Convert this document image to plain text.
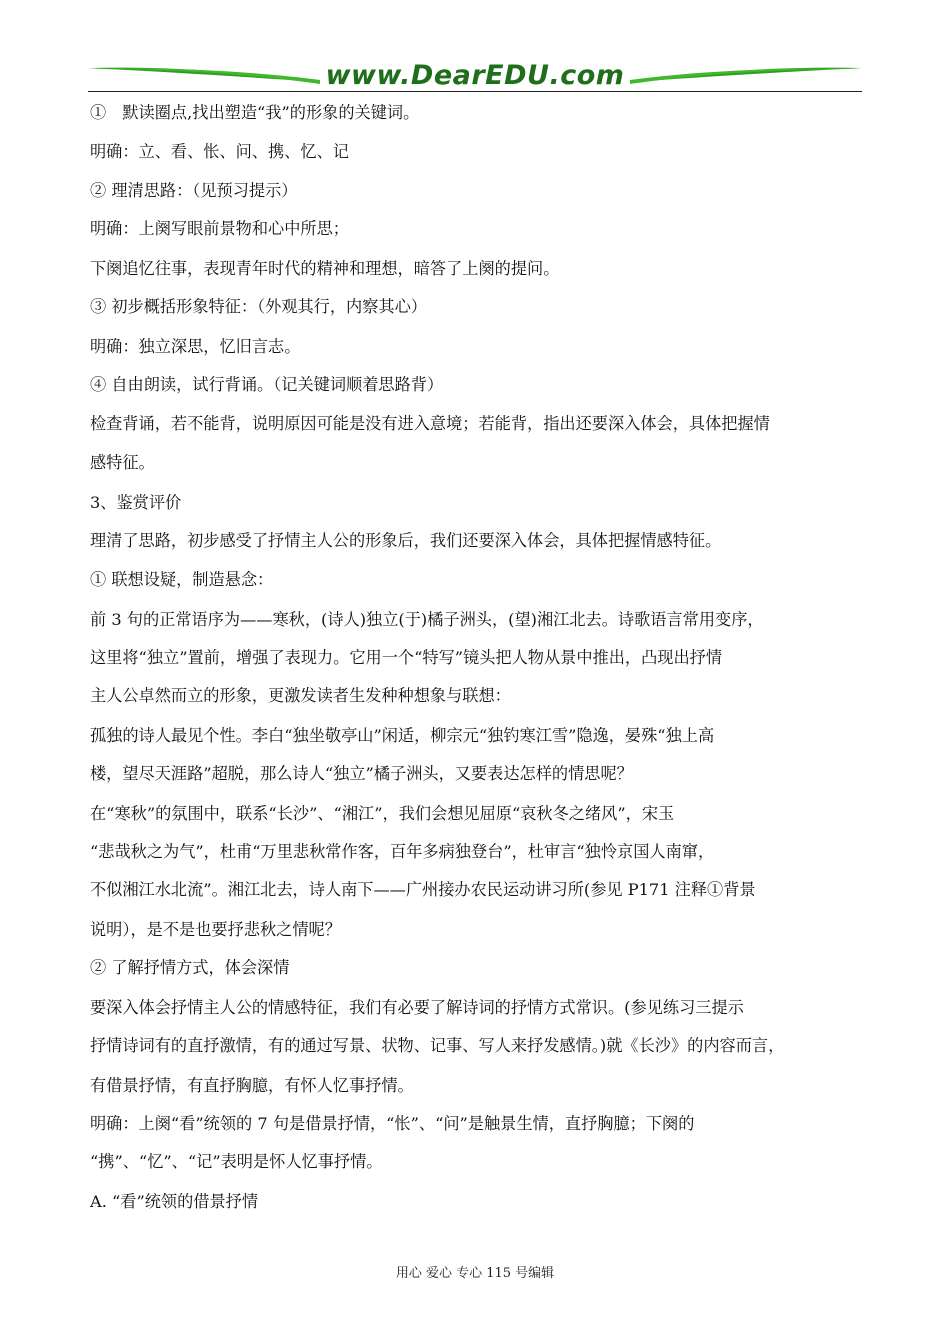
www.DearEDU.com

①　默读圈点,找出塑造“我”的形象的关键词。

明确：立、看、怅、问、携、忆、记

② 理清思路：（见预习提示）

明确：上阕写眼前景物和心中所思；

下阕追忆往事，表现青年时代的精神和理想，暗答了上阕的提问。

③ 初步概括形象特征：（外观其行，内察其心）

明确：独立深思，忆旧言志。

④ 自由朗读，试行背诵。（记关键词顺着思路背）

检查背诵，若不能背，说明原因可能是没有进入意境；若能背，指出还要深入体会，具体把握情

感特征。

3、鉴赏评价

理清了思路，初步感受了抒情主人公的形象后，我们还要深入体会，具体把握情感特征。

① 联想设疑，制造悬念：

前 3 句的正常语序为——寒秋，(诗人)独立(于)橘子洲头，(望)湘江北去。诗歌语言常用变序，

这里将“独立”置前，增强了表现力。它用一个“特写”镜头把人物从景中推出，凸现出抒情

主人公卓然而立的形象，更激发读者生发种种想象与联想：

孤独的诗人最见个性。李白“独坐敬亭山”闲适，柳宗元“独钓寒江雪”隐逸，晏殊“独上高

楼，望尽天涯路”超脱，那么诗人“独立”橘子洲头，又要表达怎样的情思呢？

在“寒秋”的氛围中，联系“长沙”、“湘江”，我们会想见屈原“哀秋冬之绪风”，宋玉

“悲哉秋之为气”，杜甫“万里悲秋常作客，百年多病独登台”，杜审言“独怜京国人南窜，

不似湘江水北流”。湘江北去，诗人南下——广州接办农民运动讲习所(参见 P171 注释①背景

说明），是不是也要抒悲秋之情呢？

② 了解抒情方式，体会深情

要深入体会抒情主人公的情感特征，我们有必要了解诗词的抒情方式常识。(参见练习三提示

抒情诗词有的直抒激情，有的通过写景、状物、记事、写人来抒发感情。)就《长沙》的内容而言，

有借景抒情，有直抒胸臆，有怀人忆事抒情。

明确：上阕“看”统领的 7 句是借景抒情，“怅”、“问”是触景生情，直抒胸臆；下阕的

“携”、“忆”、“记”表明是怀人忆事抒情。

A. “看”统领的借景抒情

用心 爱心 专心 115 号编辑
